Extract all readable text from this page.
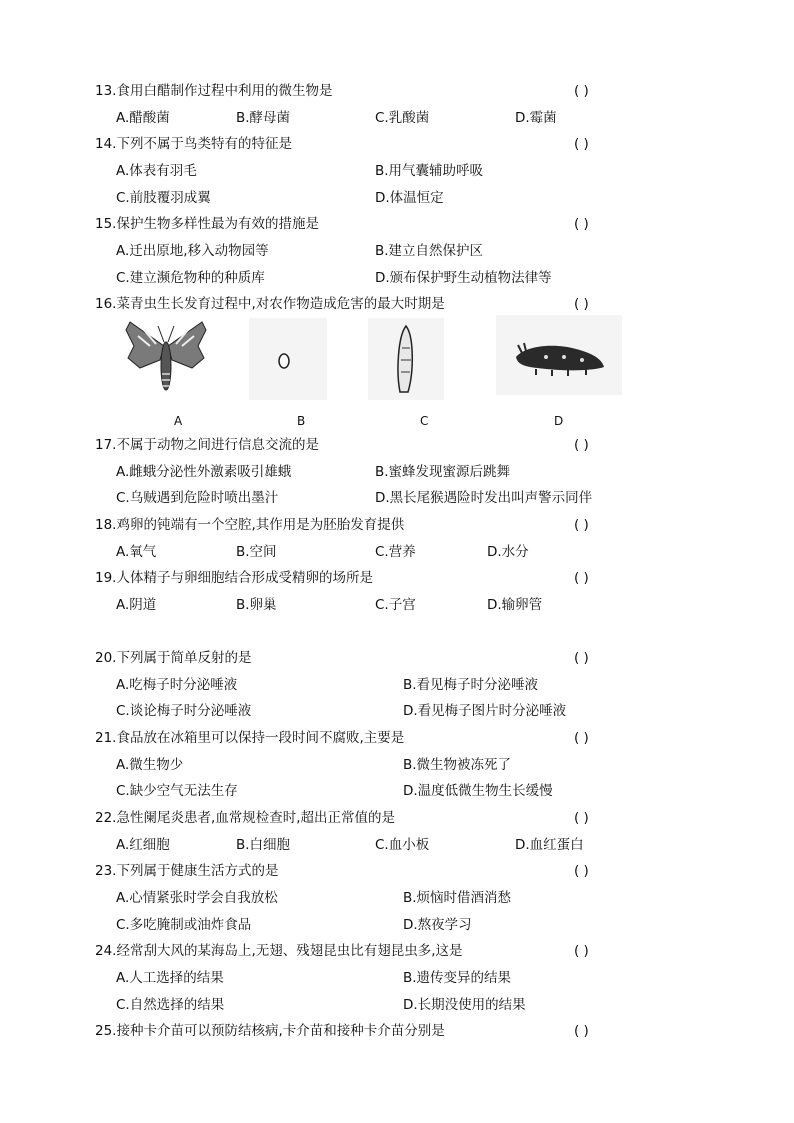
13.食用白醋制作过程中利用的微生物是	( )
A.醋酸菌	B.酵母菌	C.乳酸菌	D.霉菌
14.下列不属于鸟类特有的特征是	( )
A.体表有羽毛	B.用气囊辅助呼吸
C.前肢覆羽成翼	D.体温恒定
15.保护生物多样性最为有效的措施是	( )
A.迁出原地,移入动物园等	B.建立自然保护区
C.建立濒危物种的种质库	D.颁布保护野生动植物法律等
16.菜青虫生长发育过程中,对农作物造成危害的最大时期是	( )
A	B	C	D
17.不属于动物之间进行信息交流的是	( )
A.雌蛾分泌性外激素吸引雄蛾	B.蜜蜂发现蜜源后跳舞
C.乌贼遇到危险时喷出墨汁	D.黑长尾猴遇险时发出叫声警示同伴
18.鸡卵的钝端有一个空腔,其作用是为胚胎发育提供	( )
A.氧气	B.空间	C.营养	D.水分
19.人体精子与卵细胞结合形成受精卵的场所是	( )
A.阴道	B.卵巢	C.子宫	D.输卵管
20.下列属于简单反射的是	( )
A.吃梅子时分泌唾液	B.看见梅子时分泌唾液
C.谈论梅子时分泌唾液	D.看见梅子图片时分泌唾液
21.食品放在冰箱里可以保持一段时间不腐败,主要是	( )
A.微生物少	B.微生物被冻死了
C.缺少空气无法生存	D.温度低微生物生长缓慢
22.急性阑尾炎患者,血常规检查时,超出正常值的是	( )
A.红细胞	B.白细胞	C.血小板	D.血红蛋白
23.下列属于健康生活方式的是	( )
A.心情紧张时学会自我放松	B.烦恼时借酒消愁
C.多吃腌制或油炸食品	D.熬夜学习
24.经常刮大风的某海岛上,无翅、残翅昆虫比有翅昆虫多,这是	( )
A.人工选择的结果	B.遗传变异的结果
C.自然选择的结果	D.长期没使用的结果
25.接种卡介苗可以预防结核病,卡介苗和接种卡介苗分别是	( )
